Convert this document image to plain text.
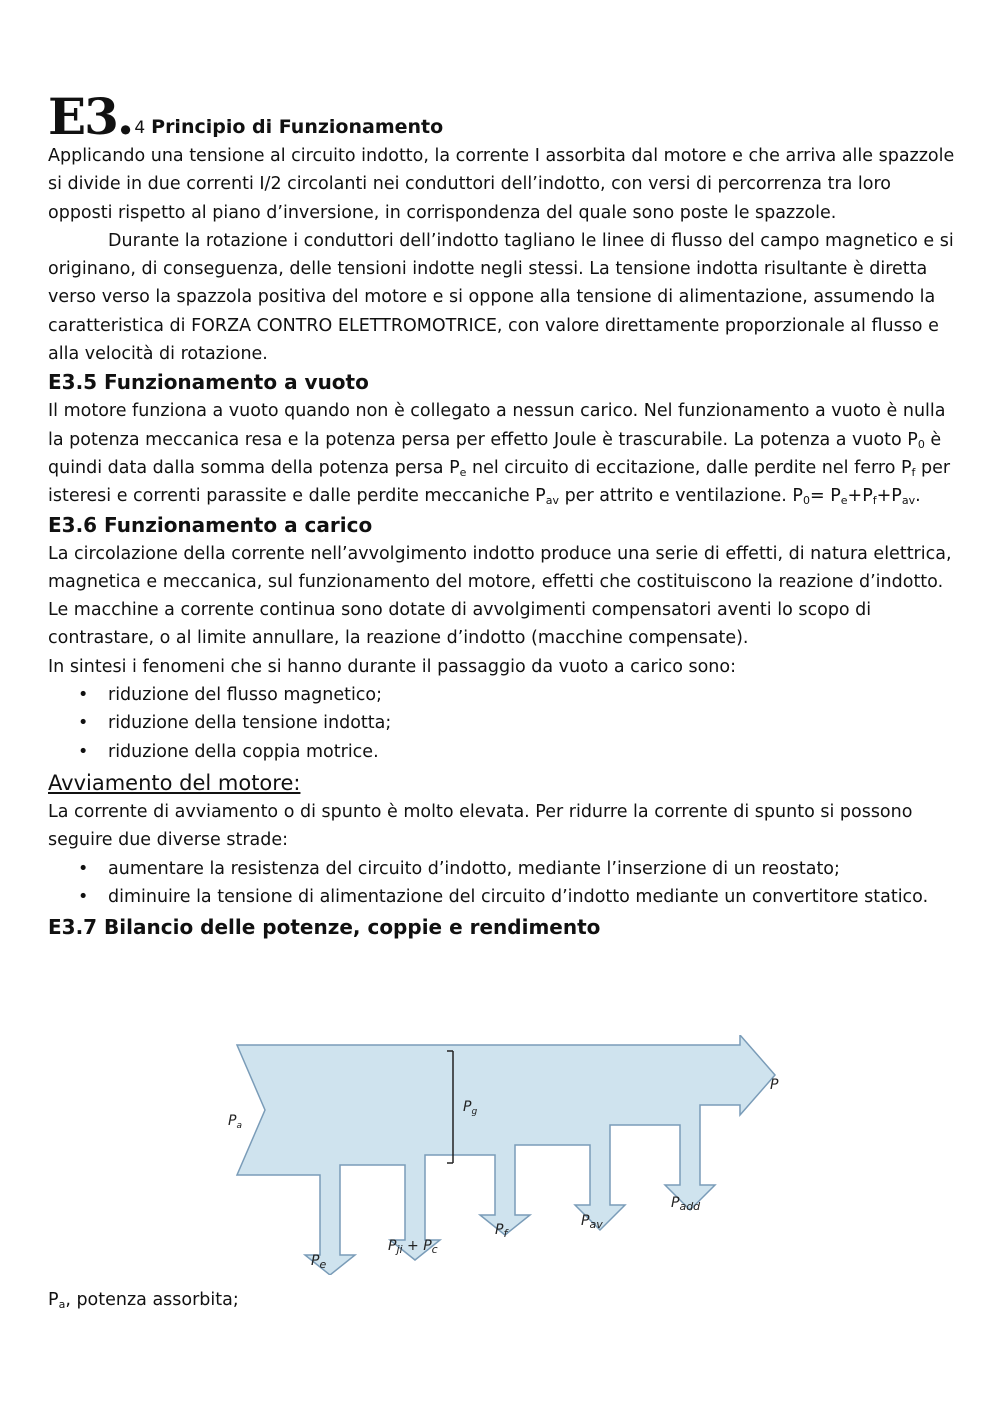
E3. 4 Principio di Funzionamento

Applicando una tensione al circuito indotto, la corrente I assorbita dal motore e che arriva alle spazzole si divide in due correnti I/2 circolanti nei conduttori dell’indotto, con versi di percorrenza tra loro opposti rispetto al piano d’inversione, in corrispondenza del quale sono poste le spazzole.

Durante la rotazione i conduttori dell’indotto tagliano le linee di flusso del campo magnetico e si originano, di conseguenza, delle tensioni indotte negli stessi. La tensione indotta risultante è diretta verso verso la spazzola positiva del motore e si oppone alla tensione di alimentazione, assumendo la caratteristica di FORZA CONTRO ELETTROMOTRICE, con valore direttamente proporzionale al flusso e alla velocità di rotazione.

E3.5 Funzionamento a vuoto

Il motore funziona a vuoto quando non è collegato a nessun carico. Nel funzionamento a vuoto è nulla la potenza meccanica resa e la potenza persa per effetto Joule è trascurabile. La potenza a vuoto $P_0$ è quindi data dalla somma della potenza persa $P_e$ nel circuito di eccitazione, dalle perdite nel ferro $P_f$ per isteresi e correnti parassite e dalle perdite meccaniche $P_{av}$ per attrito e ventilazione. $P_0= P_e+P_f+P_{av}$.

E3.6 Funzionamento a carico

La circolazione della corrente nell’avvolgimento indotto produce una serie di effetti, di natura elettrica, magnetica e meccanica, sul funzionamento del motore, effetti che costituiscono la reazione d’indotto. Le macchine a corrente continua sono dotate di avvolgimenti compensatori aventi lo scopo di contrastare, o al limite annullare, la reazione d’indotto (macchine compensate).

In sintesi i fenomeni che si hanno durante il passaggio da vuoto a carico sono:

• riduzione del flusso magnetico;
• riduzione della tensione indotta;
• riduzione della coppia motrice.
Avviamento del motore:

La corrente di avviamento o di spunto è molto elevata. Per ridurre la corrente di spunto si possono seguire due diverse strade:

• aumentare la resistenza del circuito d’indotto, mediante l’inserzione di un reostato;
• diminuire la tensione di alimentazione del circuito d’indotto mediante un convertitore statico.
E3.7 Bilancio delle potenze, coppie e rendimento
$P_a$
$P_g$
P
$P_e$
$P_{ji} + P_c$
$P_f$
$P_{av}$
$P_{add}$
$P_a$, potenza assorbita;
